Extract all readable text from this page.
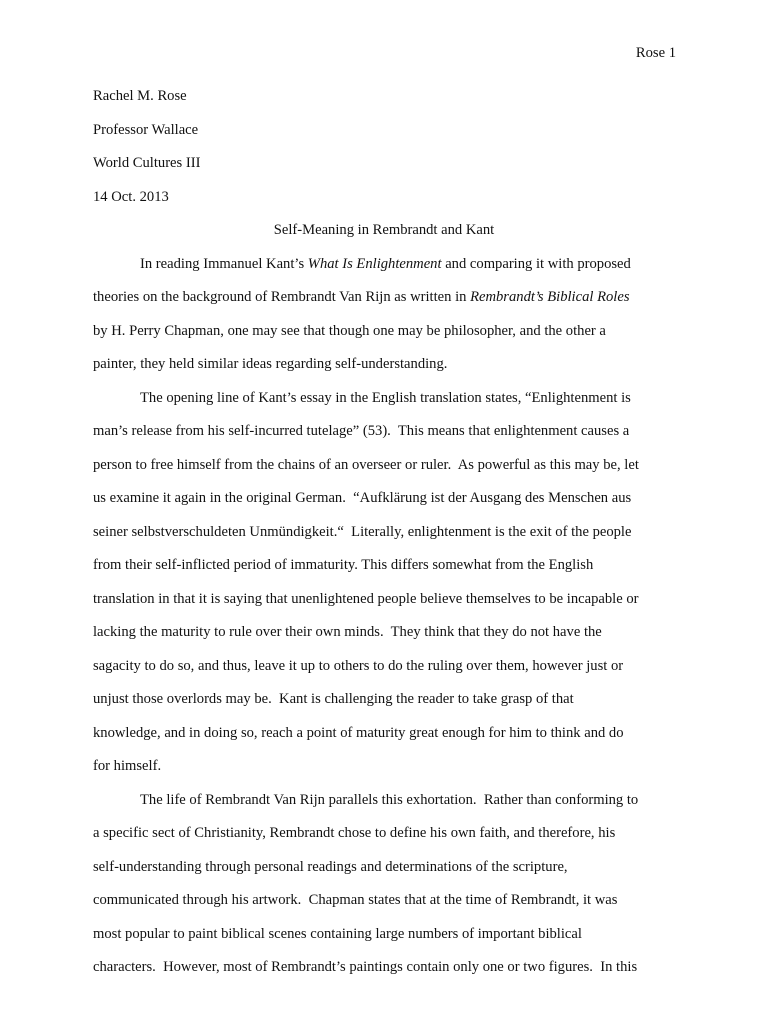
Rose 1
Rachel M. Rose
Professor Wallace
World Cultures III
14 Oct. 2013
Self-Meaning in Rembrandt and Kant
In reading Immanuel Kant’s What Is Enlightenment and comparing it with proposed
theories on the background of Rembrandt Van Rijn as written in Rembrandt’s Biblical Roles
by H. Perry Chapman, one may see that though one may be philosopher, and the other a
painter, they held similar ideas regarding self-understanding.
The opening line of Kant’s essay in the English translation states, “Enlightenment is
man’s release from his self-incurred tutelage” (53).  This means that enlightenment causes a
person to free himself from the chains of an overseer or ruler.  As powerful as this may be, let
us examine it again in the original German.  “Aufklärung ist der Ausgang des Menschen aus
seiner selbstverschuldeten Unmündigkeit.“  Literally, enlightenment is the exit of the people
from their self-inflicted period of immaturity. This differs somewhat from the English
translation in that it is saying that unenlightened people believe themselves to be incapable or
lacking the maturity to rule over their own minds.  They think that they do not have the
sagacity to do so, and thus, leave it up to others to do the ruling over them, however just or
unjust those overlords may be.  Kant is challenging the reader to take grasp of that
knowledge, and in doing so, reach a point of maturity great enough for him to think and do
for himself.
The life of Rembrandt Van Rijn parallels this exhortation.  Rather than conforming to
a specific sect of Christianity, Rembrandt chose to define his own faith, and therefore, his
self-understanding through personal readings and determinations of the scripture,
communicated through his artwork.  Chapman states that at the time of Rembrandt, it was
most popular to paint biblical scenes containing large numbers of important biblical
characters.  However, most of Rembrandt’s paintings contain only one or two figures.  In this
